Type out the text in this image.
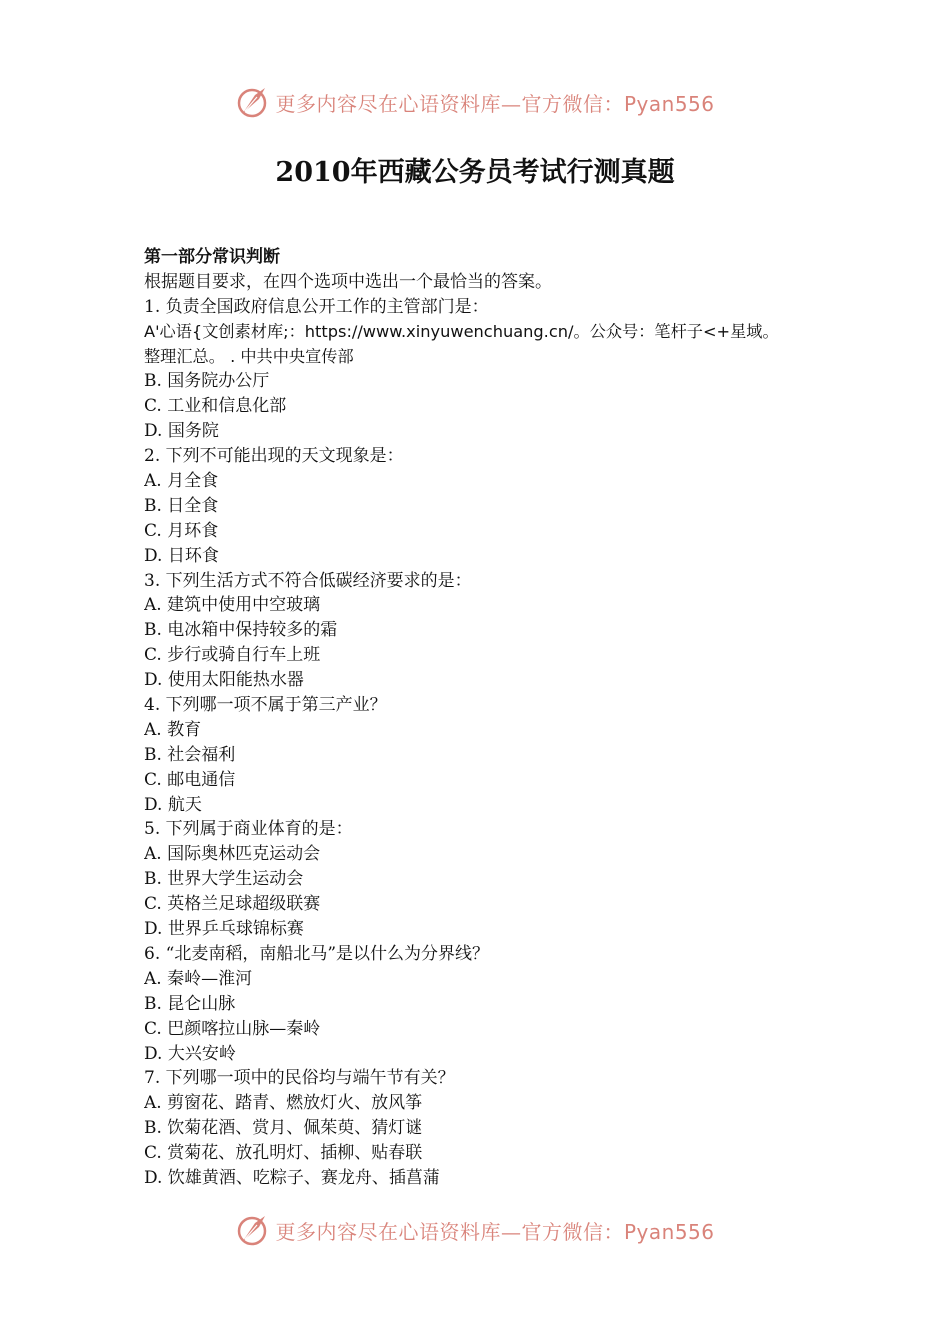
更多内容尽在心语资料库—官方微信：Pyan556
2010年西藏公务员考试行测真题
第一部分常识判断
根据题目要求，在四个选项中选出一个最恰当的答案。
1. 负责全国政府信息公开工作的主管部门是：
A'心语{文创素材库;：https://www.xinyuwenchuang.cn/。公众号：笔杆子<+星域。
整理汇总。 . 中共中央宣传部
B. 国务院办公厅
C. 工业和信息化部
D. 国务院
2. 下列不可能出现的天文现象是：
A. 月全食
B. 日全食
C. 月环食
D. 日环食
3. 下列生活方式不符合低碳经济要求的是：
A. 建筑中使用中空玻璃
B. 电冰箱中保持较多的霜
C. 步行或骑自行车上班
D. 使用太阳能热水器
4. 下列哪一项不属于第三产业？
A. 教育
B. 社会福利
C. 邮电通信
D. 航天
5. 下列属于商业体育的是：
A. 国际奥林匹克运动会
B. 世界大学生运动会
C. 英格兰足球超级联赛
D. 世界乒乓球锦标赛
6. “北麦南稻，南船北马”是以什么为分界线？
A. 秦岭—淮河
B. 昆仑山脉
C. 巴颜喀拉山脉—秦岭
D. 大兴安岭
7. 下列哪一项中的民俗均与端午节有关？
A. 剪窗花、踏青、燃放灯火、放风筝
B. 饮菊花酒、赏月、佩茱萸、猜灯谜
C. 赏菊花、放孔明灯、插柳、贴春联
D. 饮雄黄酒、吃粽子、赛龙舟、插菖蒲
更多内容尽在心语资料库—官方微信：Pyan556
